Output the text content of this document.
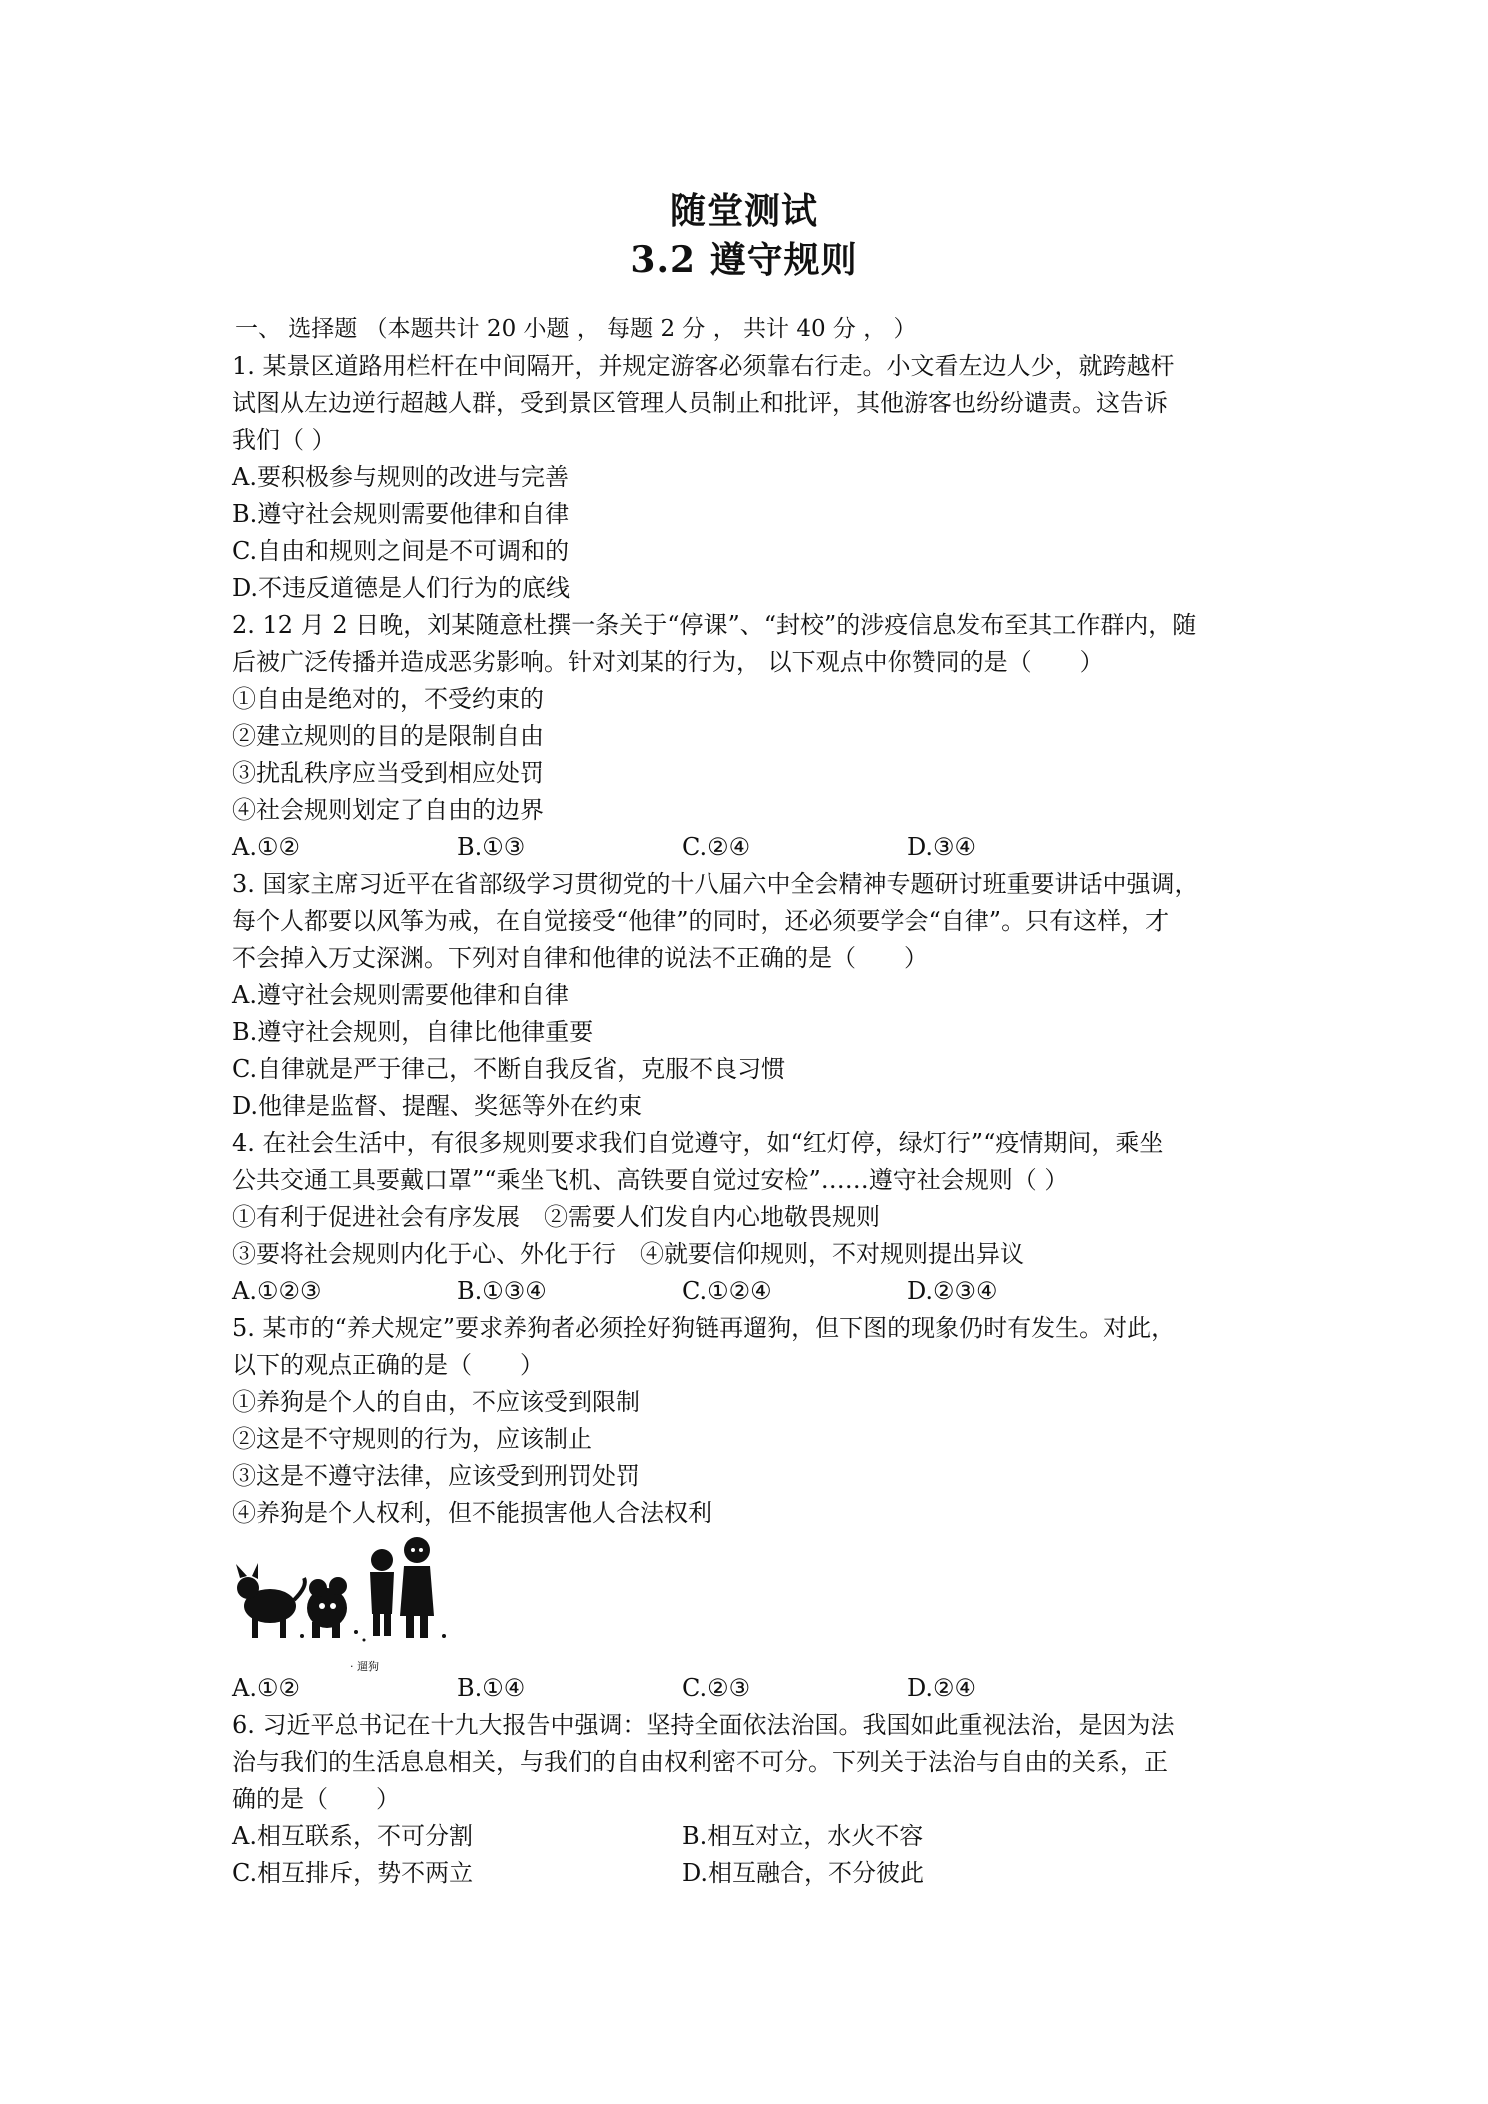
随堂测试
3.2 遵守规则
一、 选择题 （本题共计 20 小题 ， 每题 2 分 ， 共计 40 分 ， ）
1. 某景区道路用栏杆在中间隔开，并规定游客必须靠右行走。小文看左边人少，就跨越杆
试图从左边逆行超越人群，受到景区管理人员制止和批评，其他游客也纷纷谴责。这告诉
我们（ ）
A.要积极参与规则的改进与完善
B.遵守社会规则需要他律和自律
C.自由和规则之间是不可调和的
D.不违反道德是人们行为的底线
2. 12 月 2 日晚，刘某随意杜撰一条关于“停课”、“封校”的涉疫信息发布至其工作群内，随
后被广泛传播并造成恶劣影响。针对刘某的行为， 以下观点中你赞同的是（　　）
①自由是绝对的，不受约束的
②建立规则的目的是限制自由
③扰乱秩序应当受到相应处罚
④社会规则划定了自由的边界
A.①②	B.①③	C.②④	D.③④
3. 国家主席习近平在省部级学习贯彻党的十八届六中全会精神专题研讨班重要讲话中强调，
每个人都要以风筝为戒，在自觉接受“他律”的同时，还必须要学会“自律”。只有这样，才
不会掉入万丈深渊。下列对自律和他律的说法不正确的是（　　）
A.遵守社会规则需要他律和自律
B.遵守社会规则，自律比他律重要
C.自律就是严于律己，不断自我反省，克服不良习惯
D.他律是监督、提醒、奖惩等外在约束
4. 在社会生活中，有很多规则要求我们自觉遵守，如“红灯停，绿灯行”“疫情期间，乘坐
公共交通工具要戴口罩”“乘坐飞机、高铁要自觉过安检”……遵守社会规则（ ）
①有利于促进社会有序发展　②需要人们发自内心地敬畏规则
③要将社会规则内化于心、外化于行　④就要信仰规则，不对规则提出异议
A.①②③	B.①③④	C.①②④	D.②③④
5. 某市的“养犬规定”要求养狗者必须拴好狗链再遛狗，但下图的现象仍时有发生。对此，
以下的观点正确的是（　　）
①养狗是个人的自由，不应该受到限制
②这是不守规则的行为，应该制止
③这是不遵守法律，应该受到刑罚处罚
④养狗是个人权利，但不能损害他人合法权利
· 遛狗
A.①②	B.①④	C.②③	D.②④
6. 习近平总书记在十九大报告中强调：坚持全面依法治国。我国如此重视法治，是因为法
治与我们的生活息息相关，与我们的自由权利密不可分。下列关于法治与自由的关系，正
确的是（　　）
A.相互联系，不可分割	B.相互对立，水火不容
C.相互排斥，势不两立	D.相互融合，不分彼此
